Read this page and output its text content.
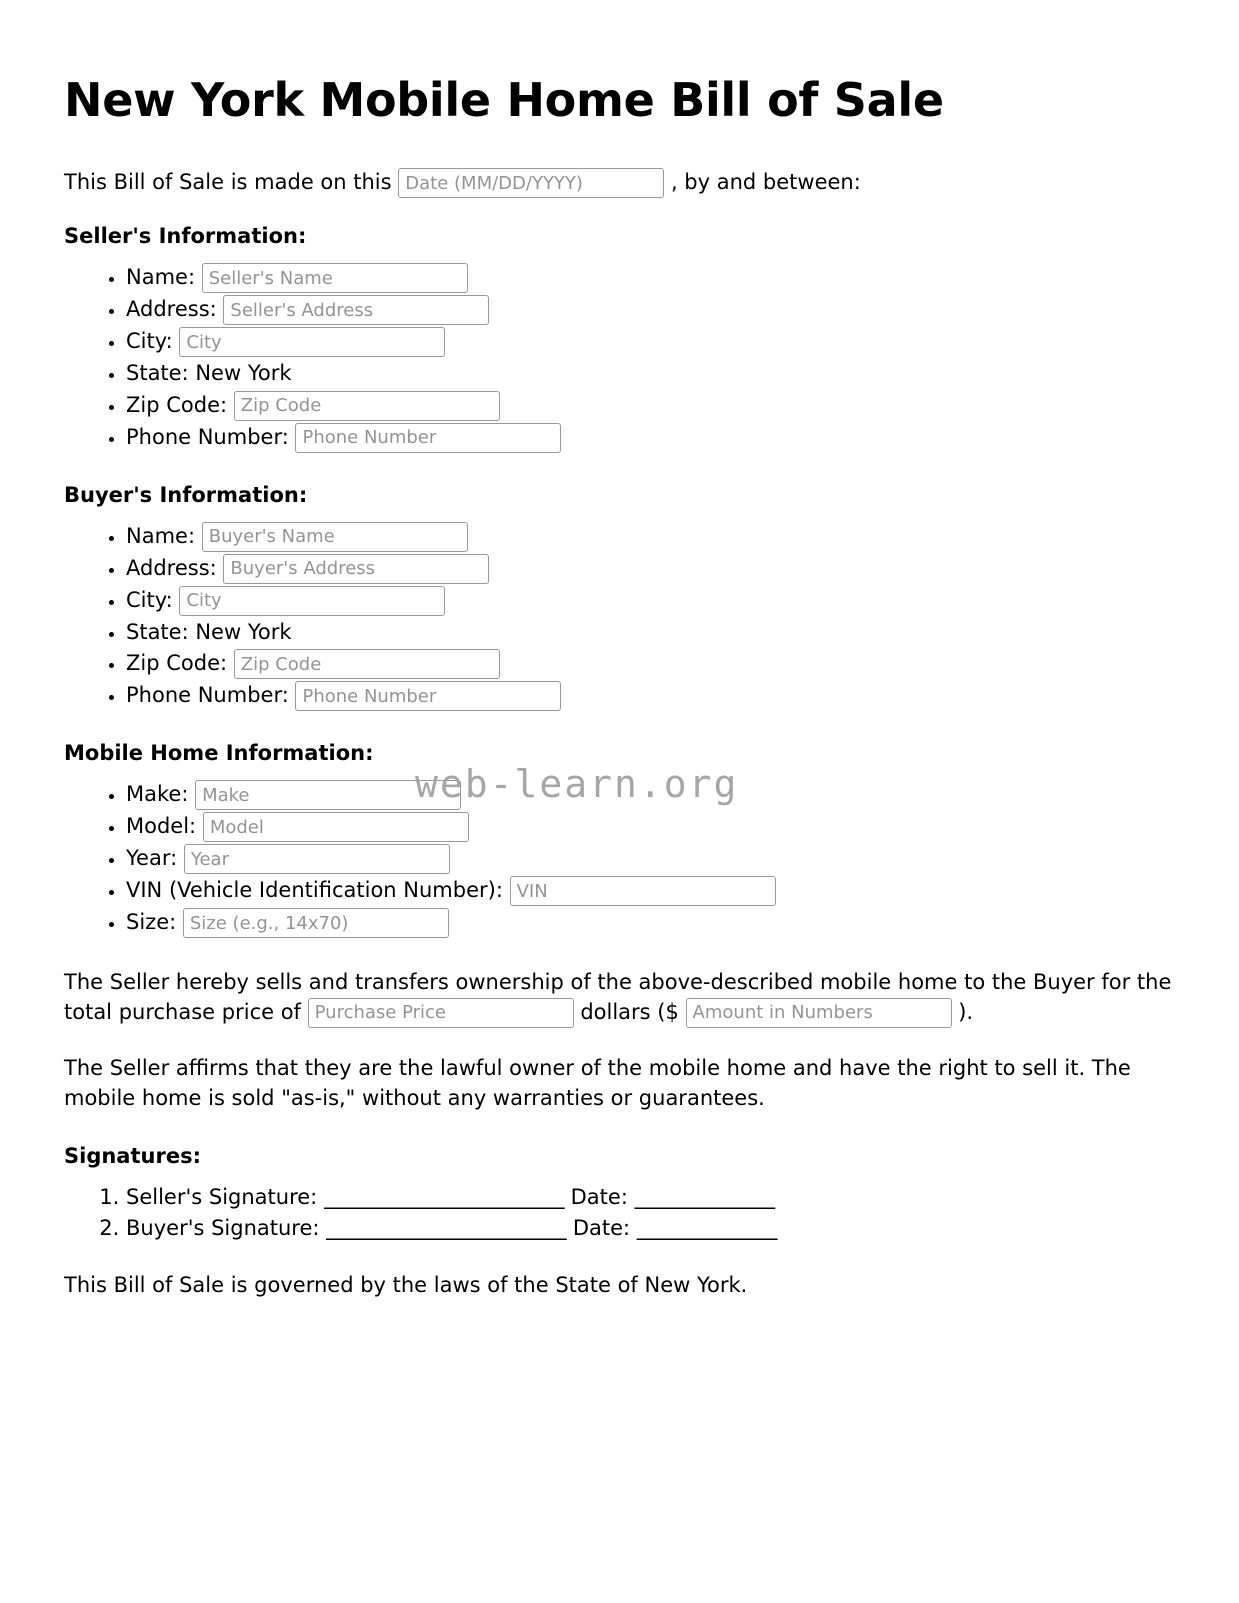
New York Mobile Home Bill of Sale

This Bill of Sale is made on this Date (MM/DD/YYYY)	, by and between:

Seller's Information:
• Name: Seller's Name
• Address: Seller's Address
• City: City
• State: New York
• Zip Code: Zip Code
• Phone Number: Phone Number
Buyer's Information:
• Name: Buyer's Name
• Address: Buyer's Address
• City: City
• State: New York
• Zip Code: Zip Code
• Phone Number: Phone Number
Mobile Home Information:
• Make: Make
• Model: Model
• Year: Year
• VIN (Vehicle Identification Number): VIN
• Size: Size (e.g., 14x70)

The Seller hereby sells and transfers ownership of the above-described mobile home to the Buyer for the total purchase price of Purchase Price	dollars ($ Amount in Numbers	).

The Seller affirms that they are the lawful owner of the mobile home and have the right to sell it. The mobile home is sold "as-is," without any warranties or guarantees.

Signatures:
1. Seller's Signature: ________________________ Date: ______________
2. Buyer's Signature: ________________________ Date: ______________

This Bill of Sale is governed by the laws of the State of New York.

web-learn.org
